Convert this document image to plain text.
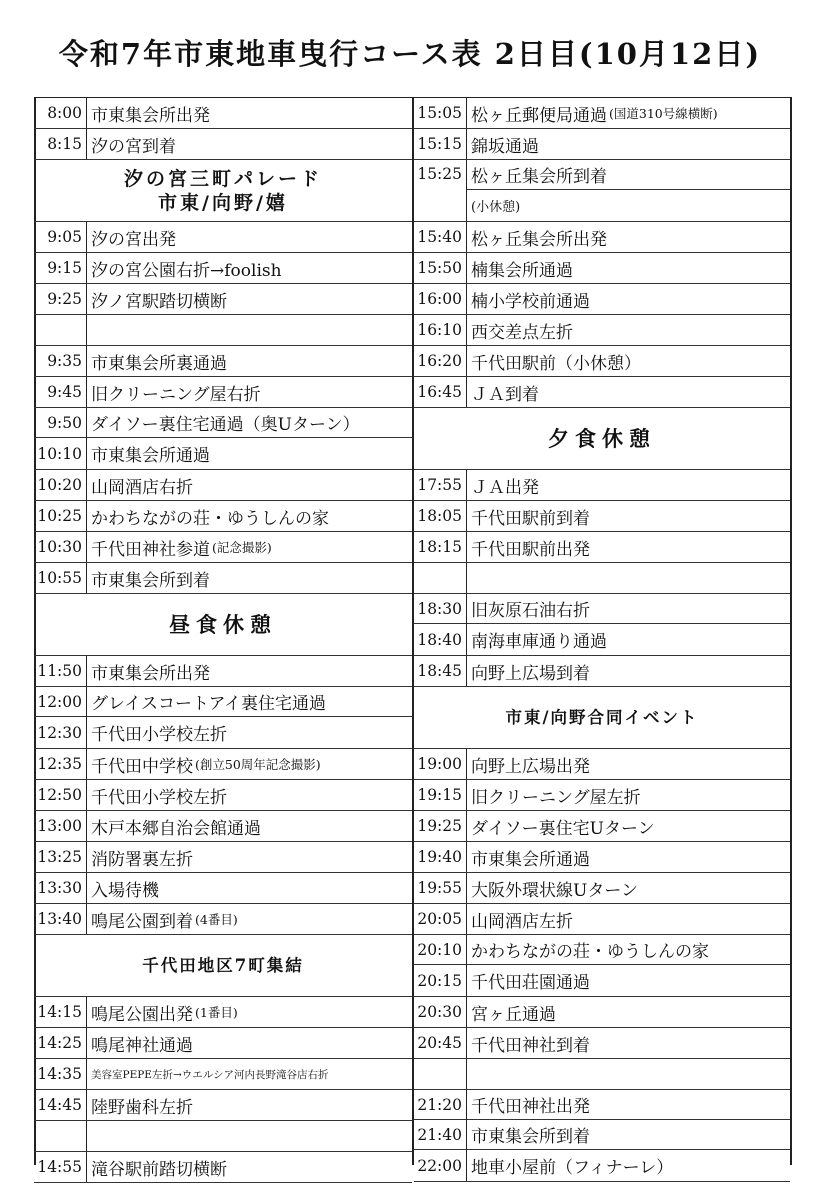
令和7年市東地車曳行コース表 2日目(10月12日)
8:00 市東集会所出発
8:15 汐の宮到着
汐の宮三町パレード
市東/向野/嬉
9:05 汐の宮出発
9:15 汐の宮公園右折→foolish
9:25 汐ノ宮駅踏切横断
9:35 市東集会所裏通過
9:45 旧クリーニング屋右折
9:50
10:10
ダイソー裏住宅通過（奥Uターン）
市東集会所通過
10:20 山岡酒店右折
10:25 かわちながの荘・ゆうしんの家
10:30 千代田神社参道 (記念撮影)
10:55 市東集会所到着
昼食休憩
11:50 市東集会所出発
12:00
12:30
グレイスコートアイ裏住宅通過
千代田小学校左折
12:35 千代田中学校 (創立50周年記念撮影)
12:50 千代田小学校左折
13:00 木戸本郷自治会館通過
13:25 消防署裏左折
13:30 入場待機
13:40 鳴尾公園到着 (4番目)
千代田地区7町集結
14:15 鳴尾公園出発 (1番目)
14:25 鳴尾神社通過
14:35 美容室PEPE左折→ウエルシア河内長野滝谷店右折
14:45 陸野歯科左折
14:55 滝谷駅前踏切横断
15:05 松ヶ丘郵便局通過 (国道310号線横断)
15:15 錦坂通過
15:25 松ヶ丘集会所到着
(小休憩)
15:40 松ヶ丘集会所出発
15:50 楠集会所通過
16:00 楠小学校前通過
16:10 西交差点左折
16:20 千代田駅前（小休憩）
16:45 ＪＡ到着
夕食休憩
17:55 ＪＡ出発
18:05 千代田駅前到着
18:15 千代田駅前出発
18:30
18:40
旧灰原石油右折
南海車庫通り通過
18:45 向野上広場到着
市東/向野合同イベント
19:00 向野上広場出発
19:15 旧クリーニング屋左折
19:25 ダイソー裏住宅Uターン
19:40 市東集会所通過
19:55 大阪外環状線Uターン
20:05 山岡酒店左折
20:10
20:15
かわちながの荘・ゆうしんの家
千代田荘園通過
20:30 宮ヶ丘通過
20:45 千代田神社到着
21:20
21:40
22:00
千代田神社出発
市東集会所到着
地車小屋前（フィナーレ）
